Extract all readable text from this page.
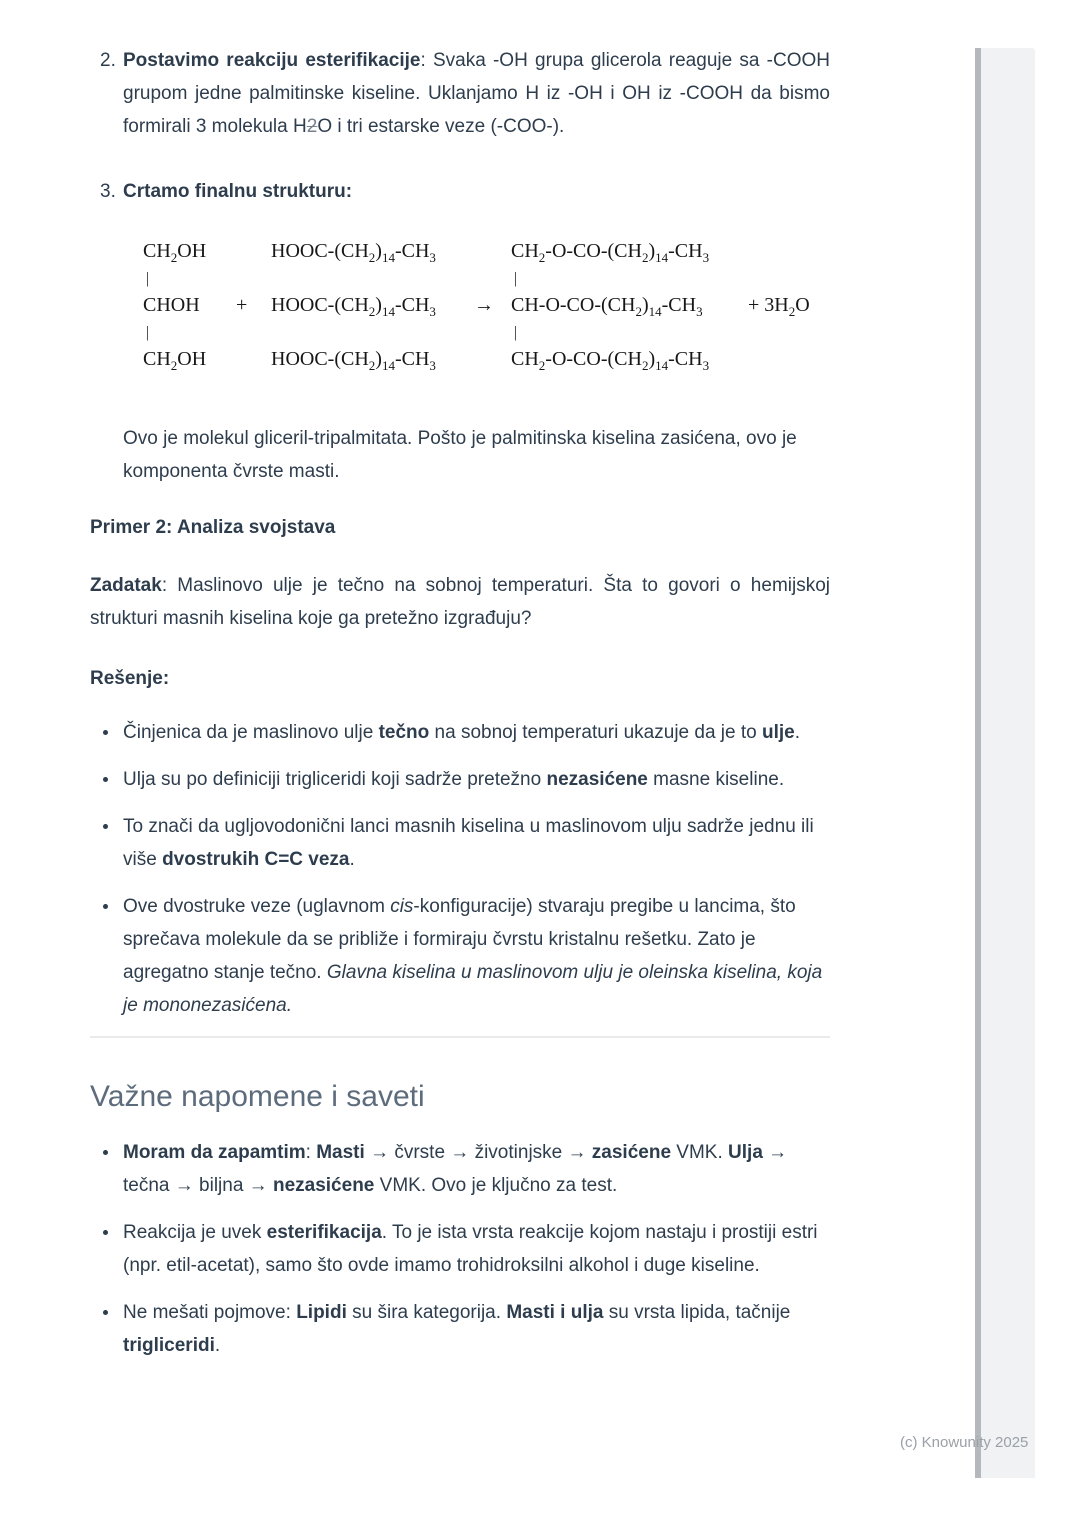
2. Postavimo reakciju esterifikacije: Svaka -OH grupa glicerola reaguje sa -COOH grupom jedne palmitinske kiseline. Uklanjamo H iz -OH i OH iz -COOH da bismo formirali 3 molekula H2O i tri estarske veze (-COO-).
3. Crtamo finalnu strukturu:
$CH_2OH$	HOOC-$(CH_2)_{14}-CH_3$	$CH_2-O-CO-(CH_2)_{14}-CH_3$
|	|
CHOH	+	HOOC-$(CH_2)_{14}-CH_3$	→ $CH-O-CO-(CH_2)_{14}-CH_3$	+ $3H_2O$
|	|
$CH_2OH$	HOOC-$(CH_2)_{14}-CH_3$	$CH_2-O-CO-(CH_2)_{14}-CH_3$
Ovo je molekul gliceril-tripalmitata. Pošto je palmitinska kiselina zasićena, ovo je komponenta čvrste masti.
Primer 2: Analiza svojstava
Zadatak: Maslinovo ulje je tečno na sobnoj temperaturi. Šta to govori o hemijskoj strukturi masnih kiselina koje ga pretežno izgrađuju?
Rešenje:
Činjenica da je maslinovo ulje tečno na sobnoj temperaturi ukazuje da je to ulje.
Ulja su po definiciji trigliceridi koji sadrže pretežno nezasićene masne kiseline.
To znači da ugljovodonični lanci masnih kiselina u maslinovom ulju sadrže jednu ili više dvostrukih C=C veza.
Ove dvostruke veze (uglavnom cis-konfiguracije) stvaraju pregibe u lancima, što sprečava molekule da se približe i formiraju čvrstu kristalnu rešetku. Zato je agregatno stanje tečno. Glavna kiselina u maslinovom ulju je oleinska kiselina, koja je mononezasićena.
Važne napomene i saveti
Moram da zapamtim: Masti → čvrste → životinjske → zasićene VMK. Ulja → tečna → biljna → nezasićene VMK. Ovo je ključno za test.
Reakcija je uvek esterifikacija. To je ista vrsta reakcije kojom nastaju i prostiji estri (npr. etil-acetat), samo što ovde imamo trohidroksilni alkohol i duge kiseline.
Ne mešati pojmove: Lipidi su šira kategorija. Masti i ulja su vrsta lipida, tačnije trigliceridi.
(c) Knowunity 2025
